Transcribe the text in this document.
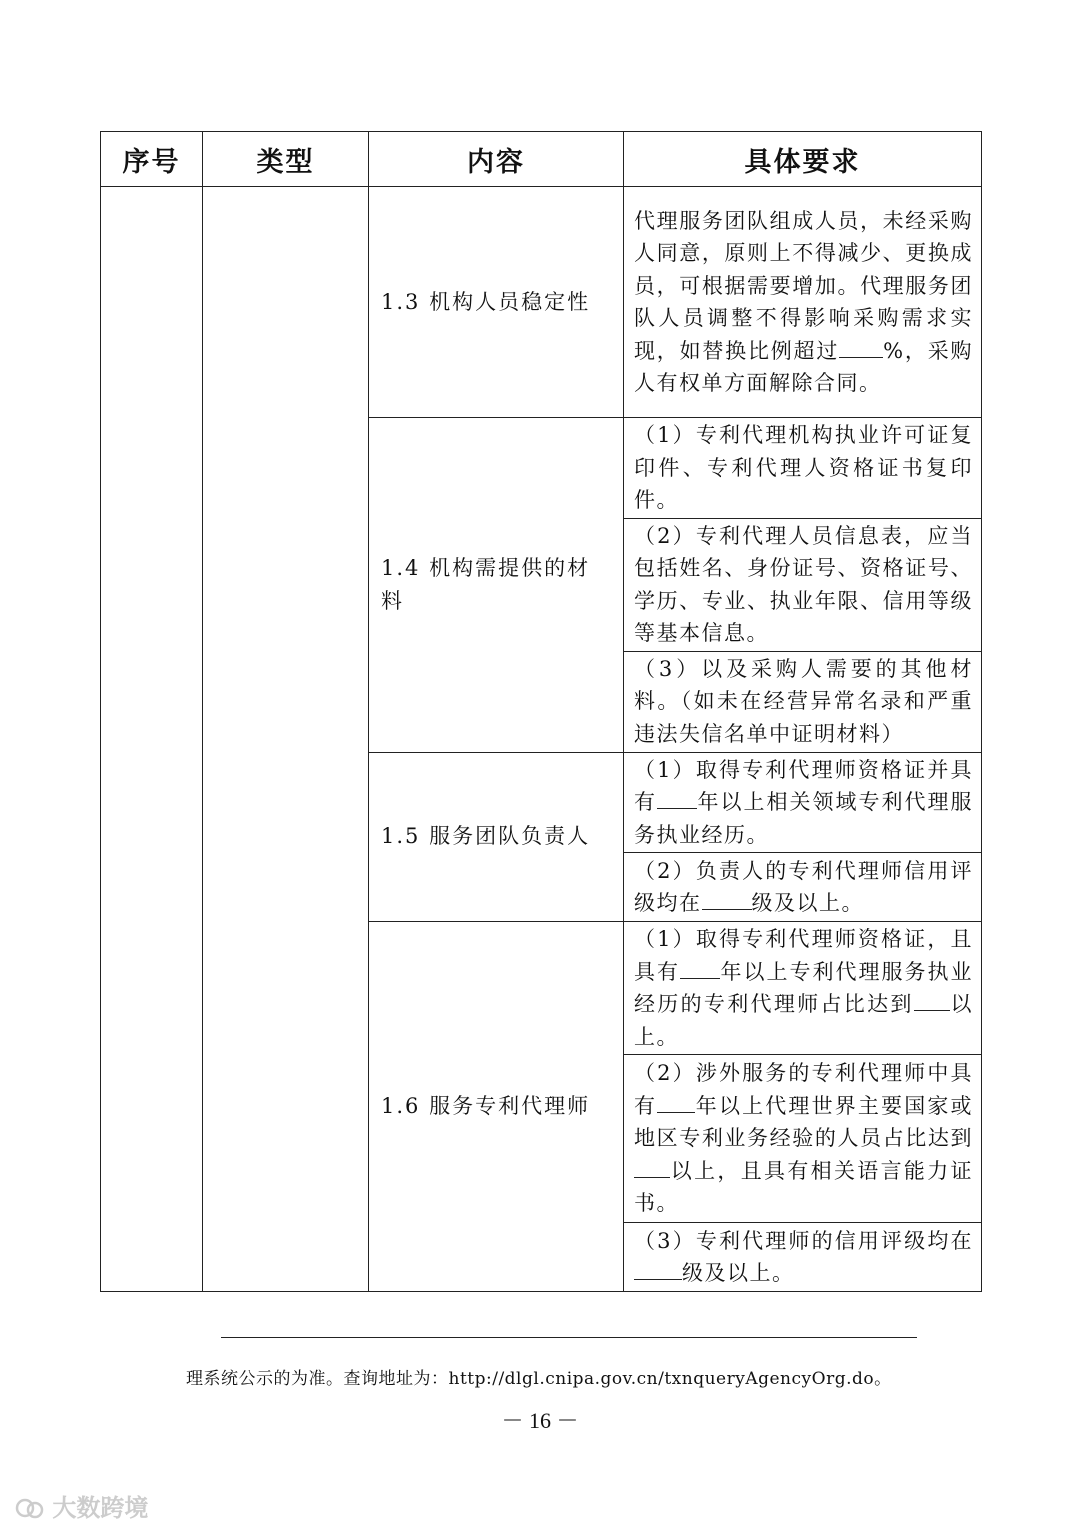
序号	类型	内容	具体要求
		1.3 机构人员稳定性	代理服务团队组成人员，未经采购人同意，原则上不得减少、更换成员，可根据需要增加。代理服务团队人员调整不得影响采购需求实现，如替换比例超过 %，采购人有权单方面解除合同。
		1.4 机构需提供的材料	（1）专利代理机构执业许可证复印件、专利代理人资格证书复印件。
			（2）专利代理人员信息表，应当包括姓名、身份证号、资格证号、学历、专业、执业年限、信用等级等基本信息。
			（3）以及采购人需要的其他材料。（如未在经营异常名录和严重违法失信名单中证明材料）
		1.5 服务团队负责人	（1）取得专利代理师资格证并具有 年以上相关领域专利代理服务执业经历。
			（2）负责人的专利代理师信用评级均在 级及以上。
		1.6 服务专利代理师	（1）取得专利代理师资格证，且具有 年以上专利代理服务执业经历的专利代理师占比达到 以上。
			（2）涉外服务的专利代理师中具有 年以上代理世界主要国家或地区专利业务经验的人员占比达到以上，且具有相关语言能力证书。
			（3）专利代理师的信用评级均在级及以上。
理系统公示的为准。查询地址为：http://dlgl.cnipa.gov.cn/txnqueryAgencyOrg.do。
－ 16 －
大数跨境
